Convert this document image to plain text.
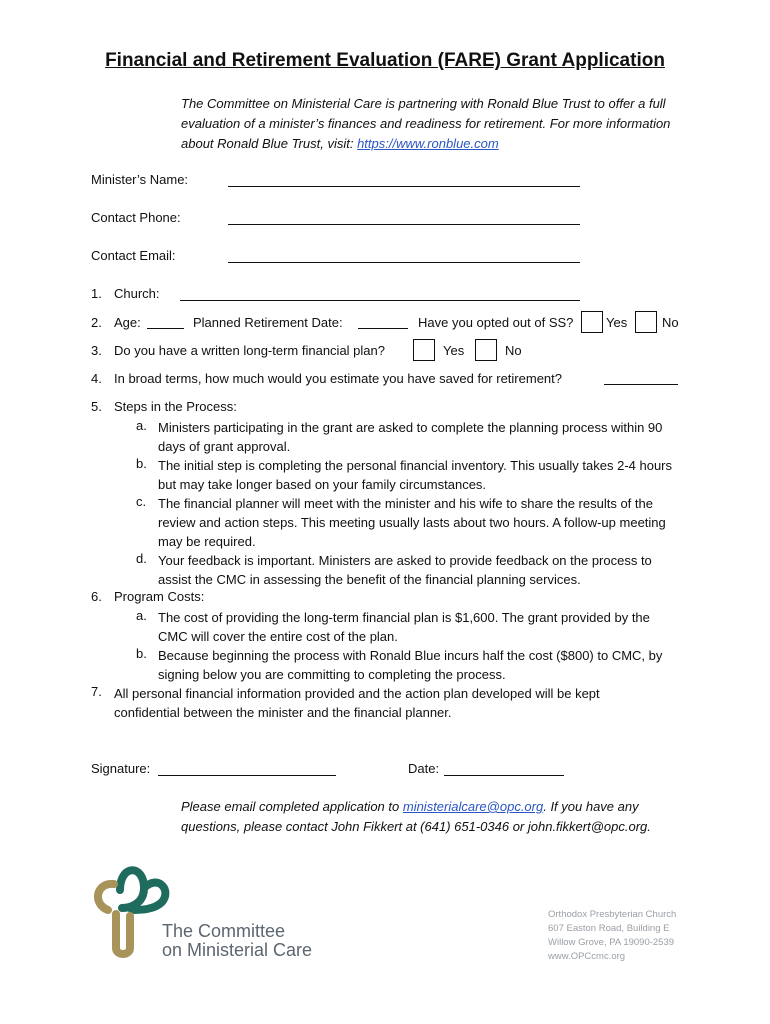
Financial and Retirement Evaluation (FARE) Grant Application
The Committee on Ministerial Care is partnering with Ronald Blue Trust to offer a full evaluation of a minister’s finances and readiness for retirement. For more information about Ronald Blue Trust, visit: https://www.ronblue.com
Minister’s Name:
Contact Phone:
Contact Email:
1. Church:
2. Age:	Planned Retirement Date:	Have you opted out of SS?	Yes	No
3. Do you have a written long-term financial plan?	Yes	No
4. In broad terms, how much would you estimate you have saved for retirement?
5. Steps in the Process:
a. Ministers participating in the grant are asked to complete the planning process within 90 days of grant approval.
b. The initial step is completing the personal financial inventory. This usually takes 2-4 hours but may take longer based on your family circumstances.
c. The financial planner will meet with the minister and his wife to share the results of the review and action steps. This meeting usually lasts about two hours. A follow-up meeting may be required.
d. Your feedback is important. Ministers are asked to provide feedback on the process to assist the CMC in assessing the benefit of the financial planning services.
6. Program Costs:
a. The cost of providing the long-term financial plan is $1,600. The grant provided by the CMC will cover the entire cost of the plan.
b. Because beginning the process with Ronald Blue incurs half the cost ($800) to CMC, by signing below you are committing to completing the process.
7. All personal financial information provided and the action plan developed will be kept confidential between the minister and the financial planner.
Signature:	Date:
Please email completed application to ministerialcare@opc.org. If you have any questions, please contact John Fikkert at (641) 651-0346 or john.fikkert@opc.org.
The Committee
on Ministerial Care
Orthodox Presbyterian Church
607 Easton Road, Building E
Willow Grove, PA 19090-2539
www.OPCcmc.org
